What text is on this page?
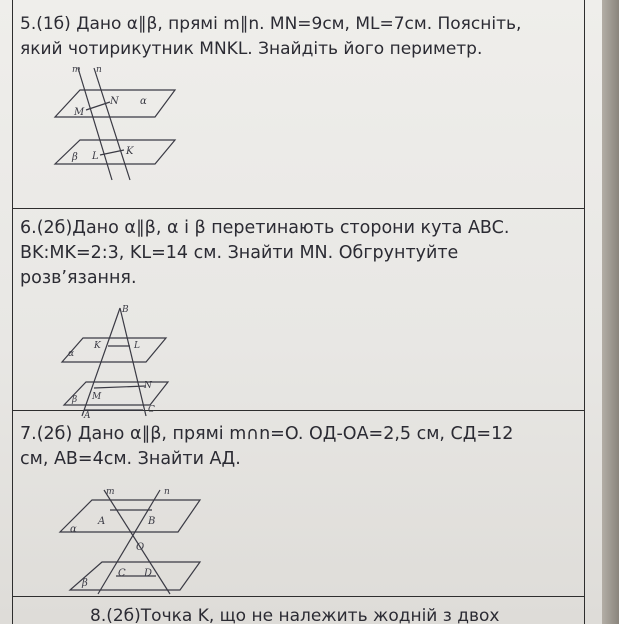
5.(1б) Дано α∥β, прямі m∥n. MN=9см, ML=7см. Поясніть,

який чотирикутник MNKL. Знайдіть його периметр.

m n
M
N α
β L	K

6.(2б)Дано α∥β, α і β перетинають сторони кута ABC.

BK:MK=2:3, KL=14 см. Знайти MN. Обгрунтуйте

розв’язання.

B
K	L
α
M
N
β
A
C

7.(2б) Дано α∥β, прямі m∩n=O. ОД-ОА=2,5 см, СД=12

см, АВ=4см. Знайти АД.

m	n
A	B
α
O
C D
β

8.(2б)Точка K, що не належить жодній з двох
